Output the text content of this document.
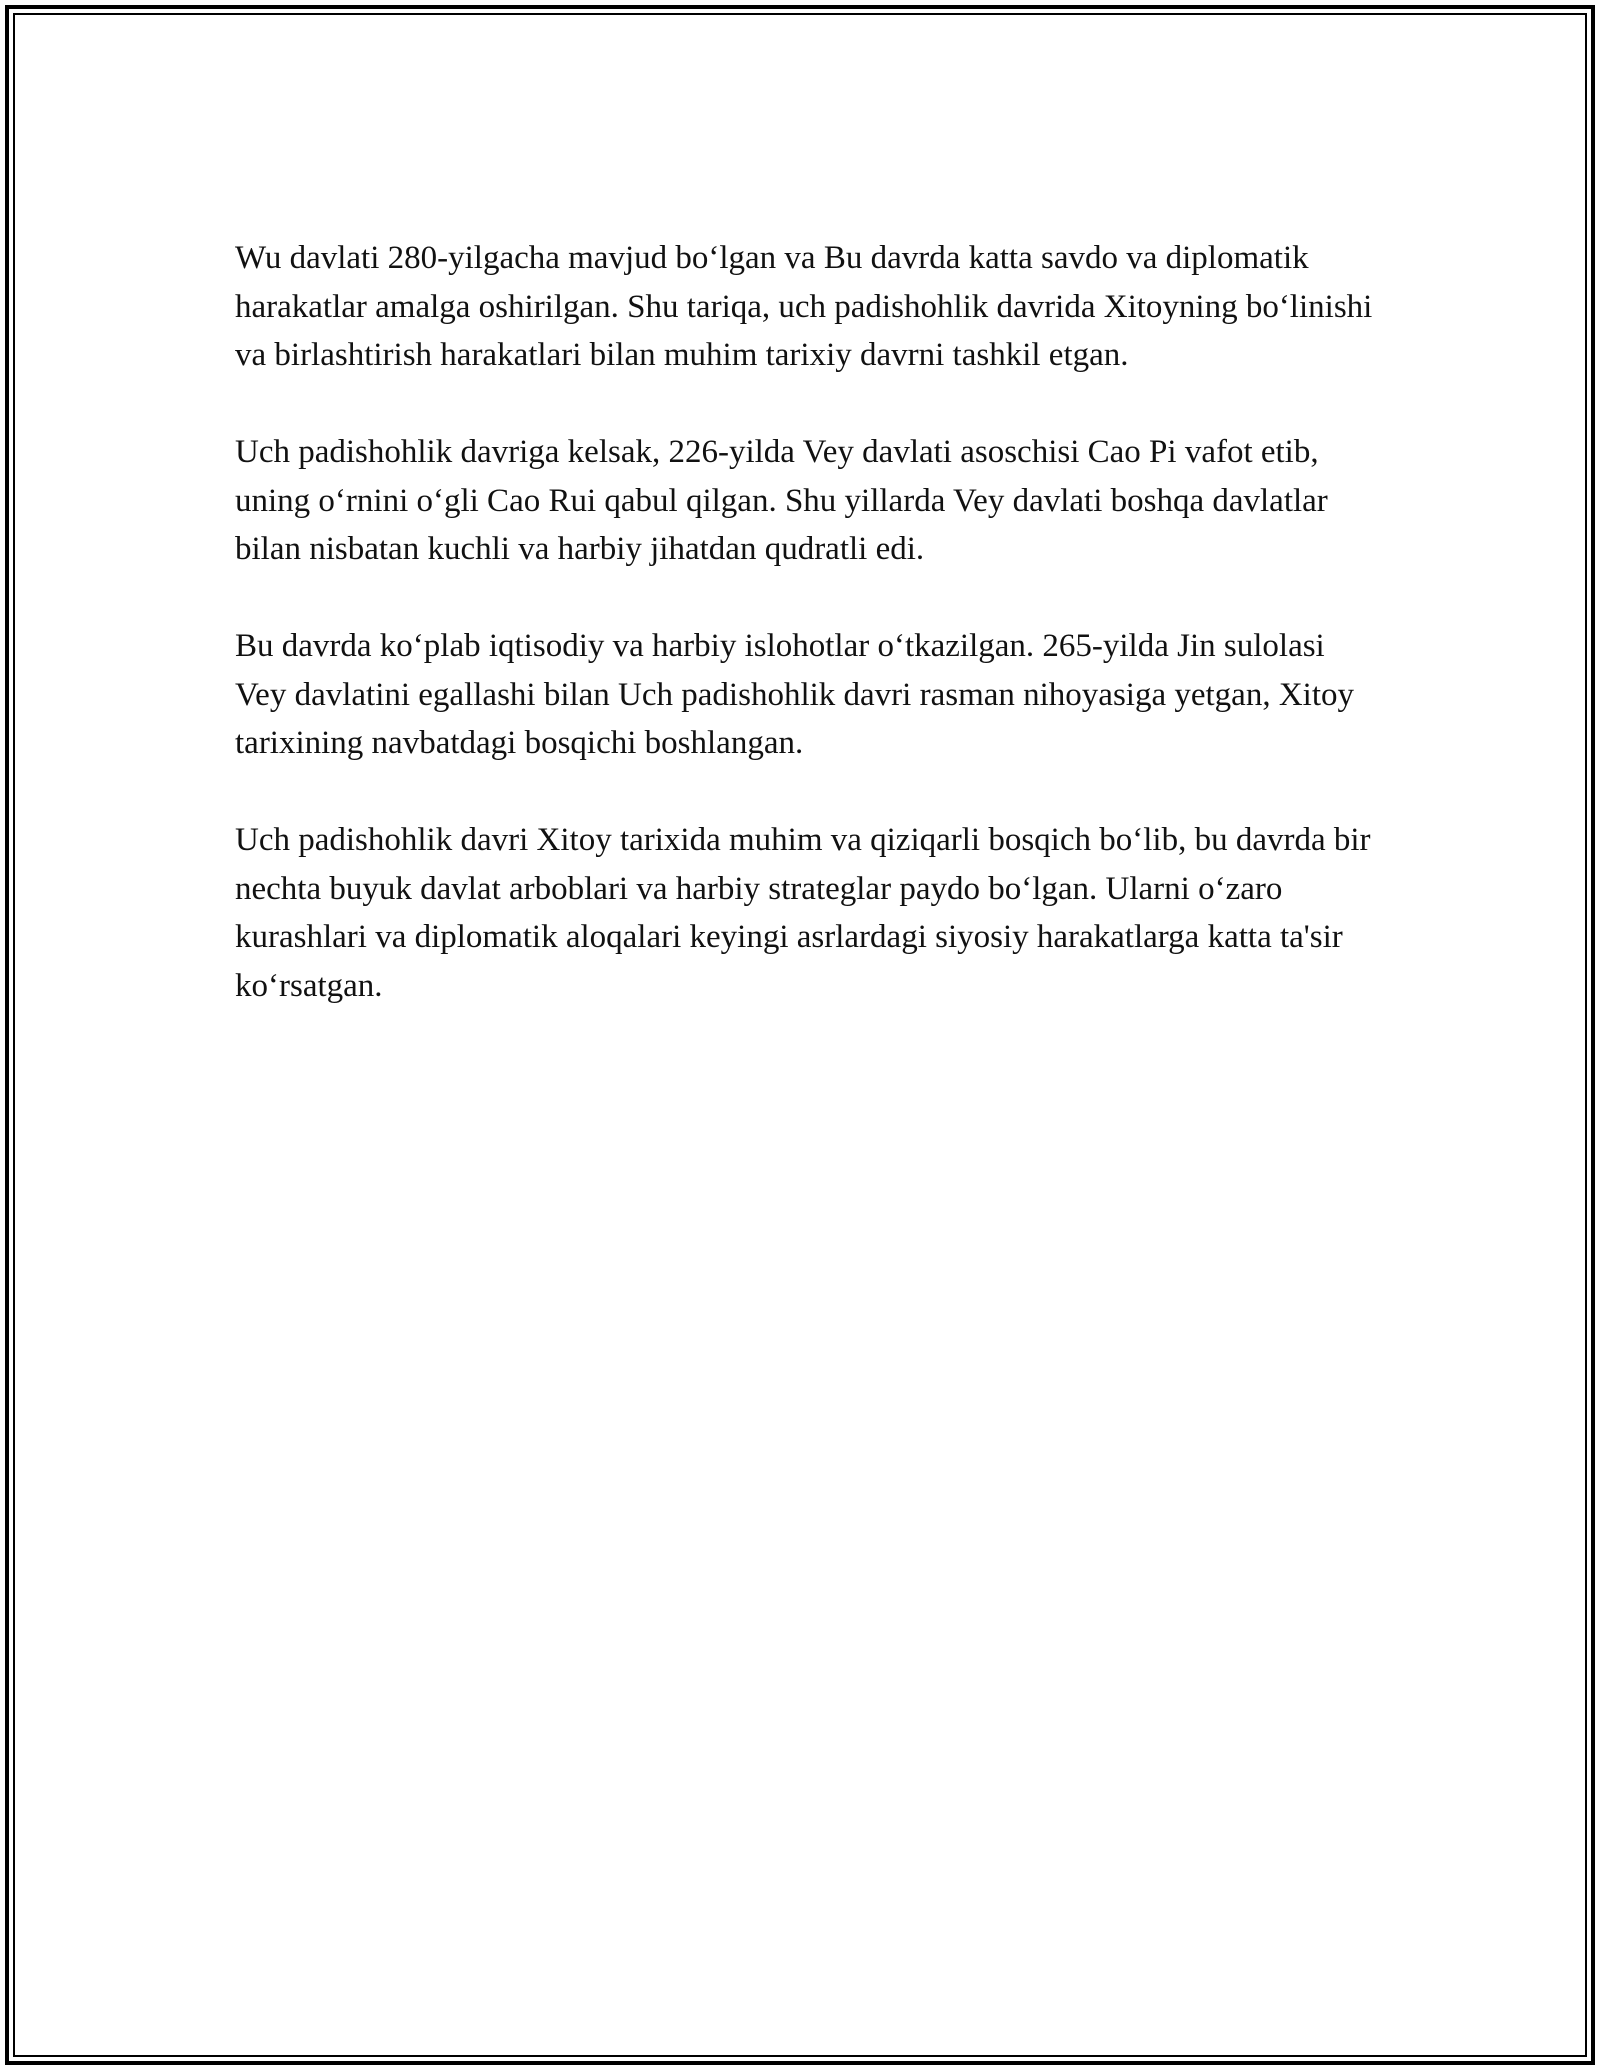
Wu davlati 280-yilgacha mavjud bo‘lgan va Bu davrda katta savdo va diplomatik harakatlar amalga oshirilgan. Shu tariqa, uch padishohlik davrida Xitoyning bo‘linishi va birlashtirish harakatlari bilan muhim tarixiy davrni tashkil etgan.

Uch padishohlik davriga kelsak, 226-yilda Vey davlati asoschisi Cao Pi vafot etib, uning o‘rnini o‘gli Cao Rui qabul qilgan. Shu yillarda Vey davlati boshqa davlatlar bilan nisbatan kuchli va harbiy jihatdan qudratli edi.

Bu davrda ko‘plab iqtisodiy va harbiy islohotlar o‘tkazilgan. 265-yilda Jin sulolasi Vey davlatini egallashi bilan Uch padishohlik davri rasman nihoyasiga yetgan, Xitoy tarixining navbatdagi bosqichi boshlangan.

Uch padishohlik davri Xitoy tarixida muhim va qiziqarli bosqich bo‘lib, bu davrda bir nechta buyuk davlat arboblari va harbiy strateglar paydo bo‘lgan. Ularni o‘zaro kurashlari va diplomatik aloqalari keyingi asrlardagi siyosiy harakatlarga katta ta'sir ko‘rsatgan.
